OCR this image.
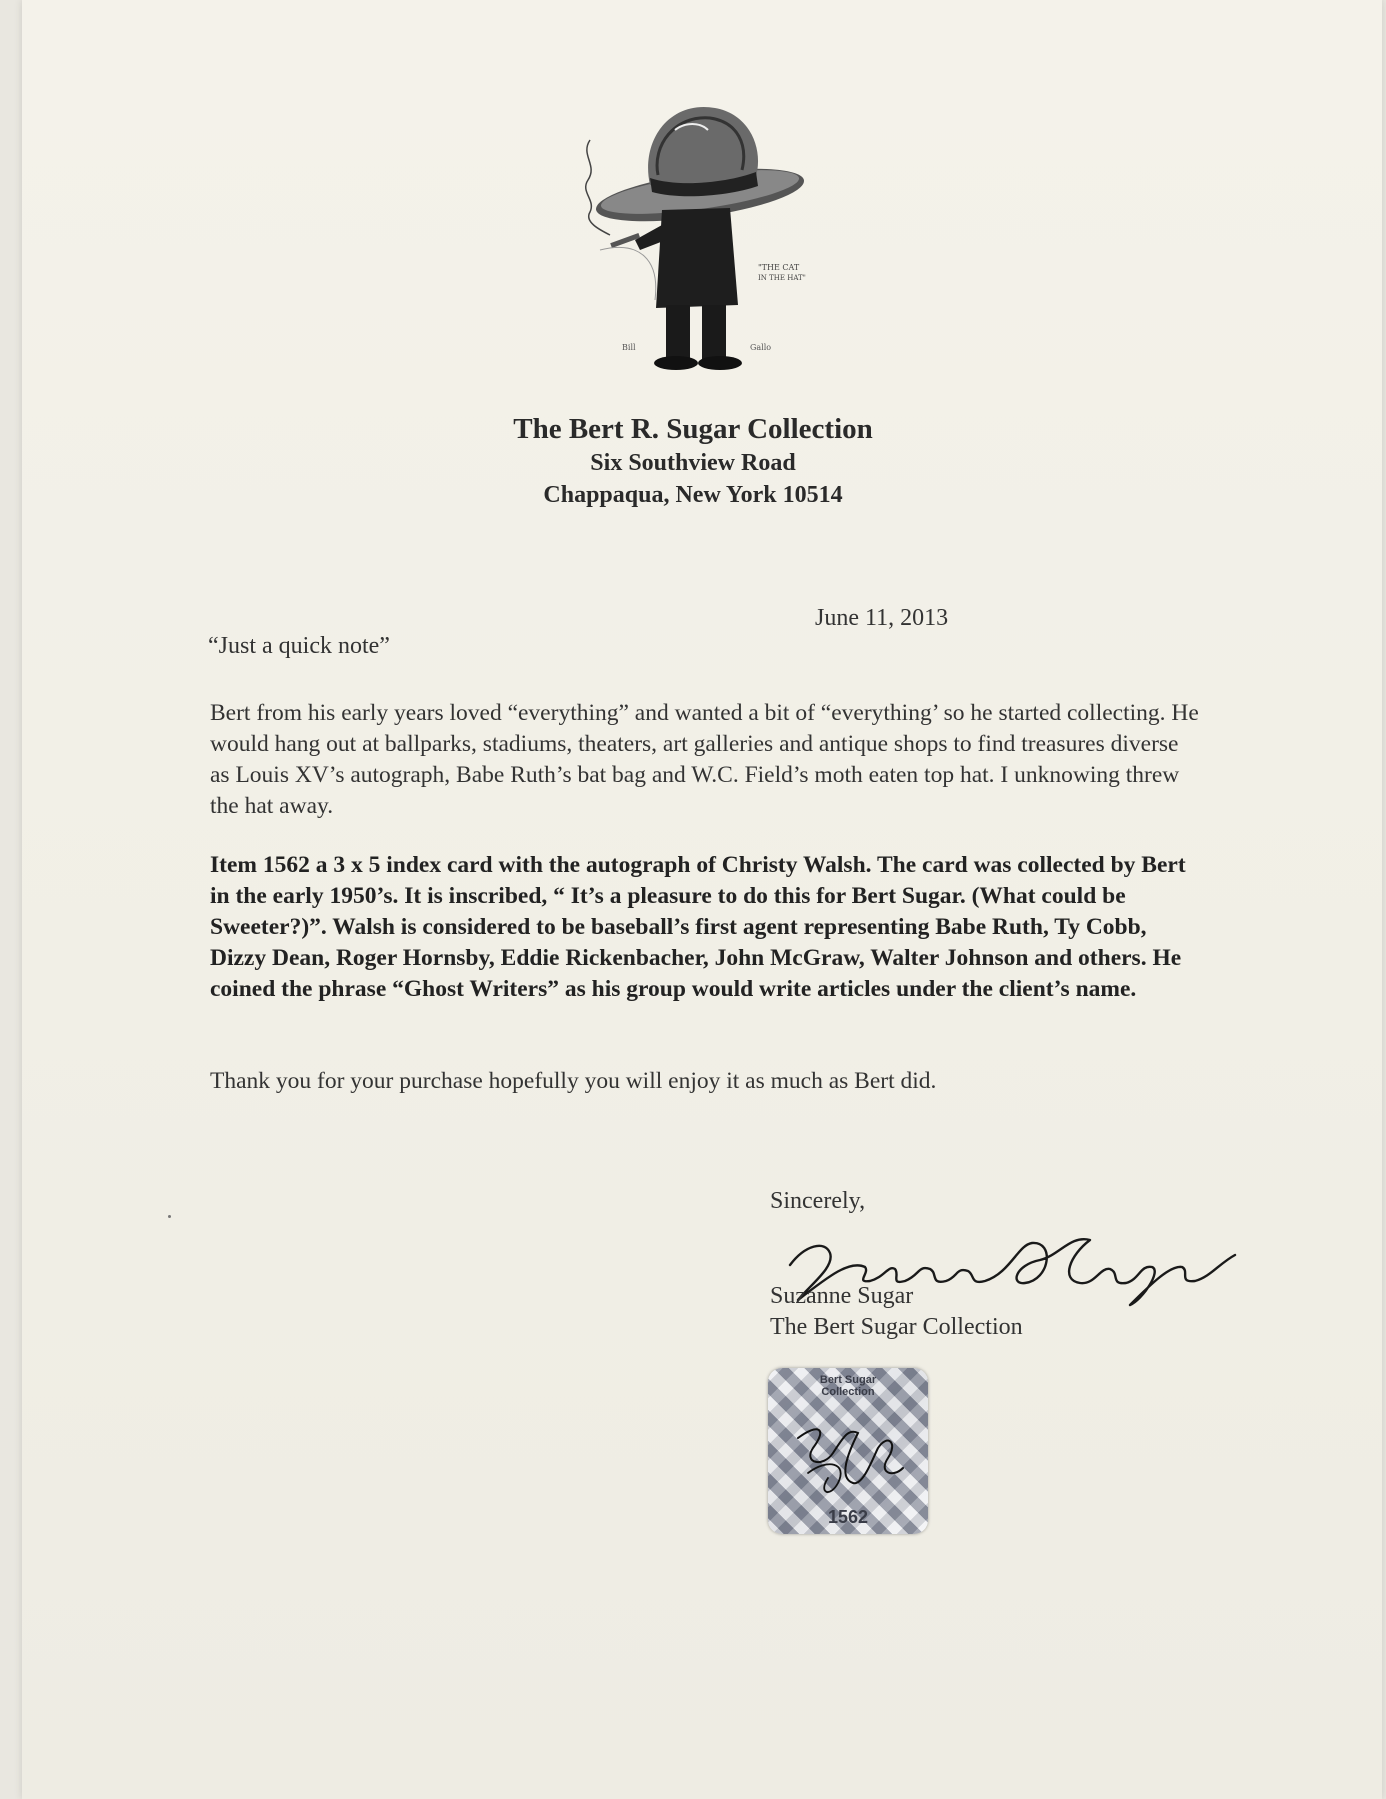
"THE CAT
IN THE HAT"
Bill	Gallo
The Bert R. Sugar Collection
Six Southview Road
Chappaqua, New York 10514
June 11, 2013
“Just a quick note”

Bert from his early years loved “everything” and wanted a bit of “everything’ so he started collecting. He would hang out at ballparks, stadiums, theaters, art galleries and antique shops to find treasures diverse as Louis XV’s autograph, Babe Ruth’s bat bag and W.C. Field’s moth eaten top hat. I unknowing threw the hat away.

Item 1562 a 3 x 5 index card with the autograph of Christy Walsh. The card was collected by Bert in the early 1950’s. It is inscribed, “ It’s a pleasure to do this for Bert Sugar. (What could be Sweeter?)”. Walsh is considered to be baseball’s first agent representing Babe Ruth, Ty Cobb, Dizzy Dean, Roger Hornsby, Eddie Rickenbacher, John McGraw, Walter Johnson and others. He coined the phrase “Ghost Writers” as his group would write articles under the client’s name.

Thank you for your purchase hopefully you will enjoy it as much as Bert did.

Sincerely,
Suzanne Sugar
The Bert Sugar Collection
Bert Sugar
Collection
1562
